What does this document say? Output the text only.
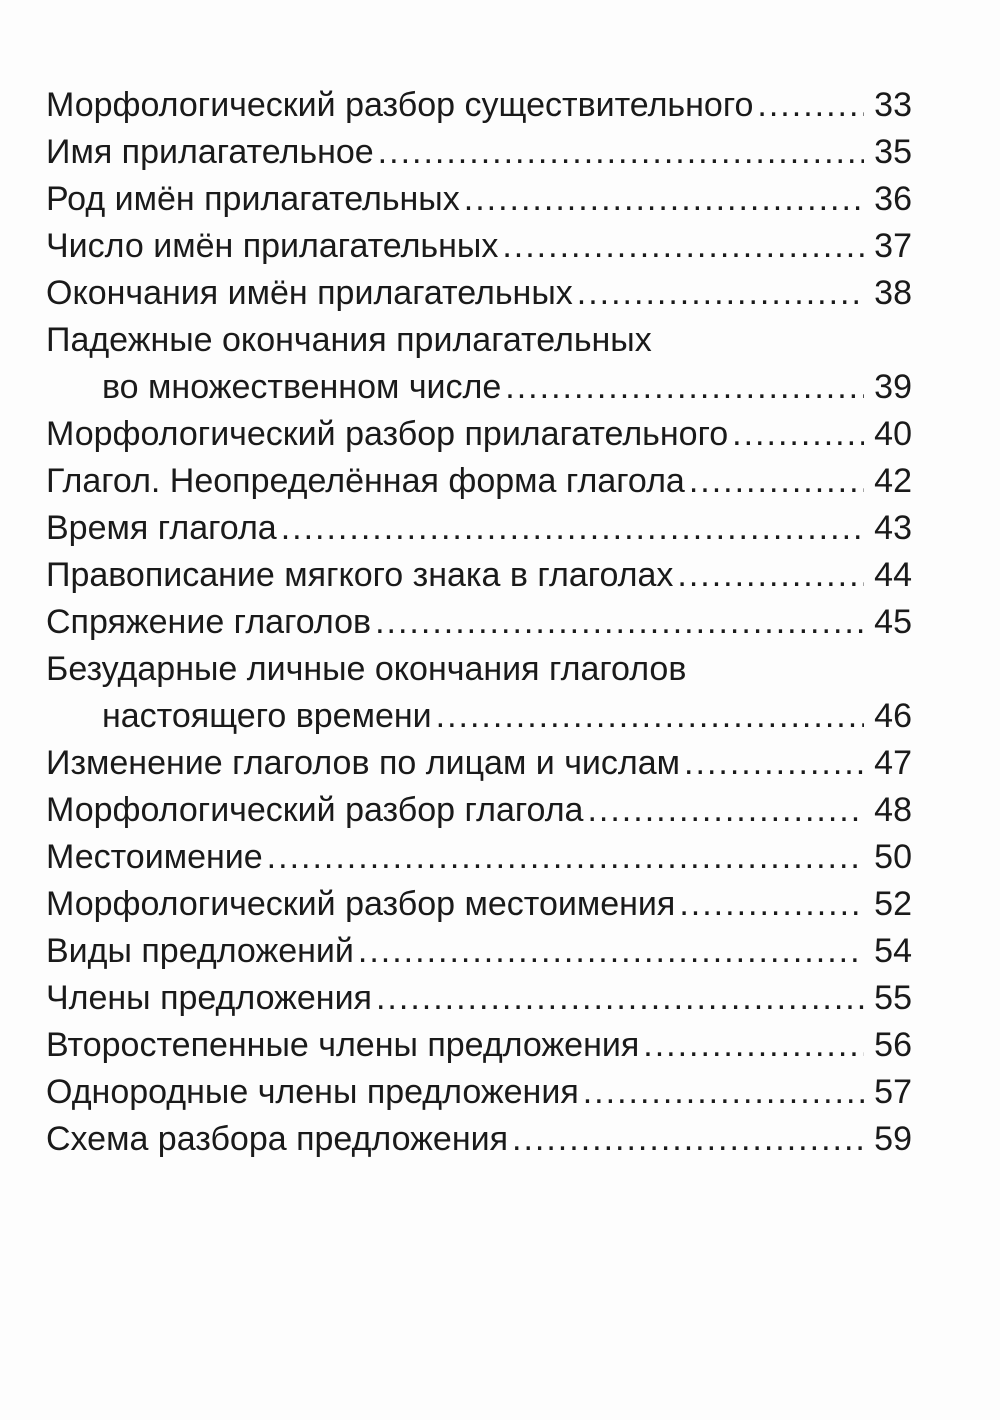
Морфологический разбор существительного .....	33
Имя прилагательное .....	35
Род имён прилагательных .....	36
Число имён прилагательных .....	37
Окончания имён прилагательных .....	38
Падежные окончания прилагательных
во множественном числе .....	39
Морфологический разбор прилагательного .....	40
Глагол. Неопределённая форма глагола .....	42
Время глагола .....	43
Правописание мягкого знака в глаголах .....	44
Спряжение глаголов .....	45
Безударные личные окончания глаголов
настоящего времени .....	46
Изменение глаголов по лицам и числам .....	47
Морфологический разбор глагола .....	48
Местоимение .....	50
Морфологический разбор местоимения .....	52
Виды предложений .....	54
Члены предложения .....	55
Второстепенные члены предложения .....	56
Однородные члены предложения .....	57
Схема разбора предложения .....	59
